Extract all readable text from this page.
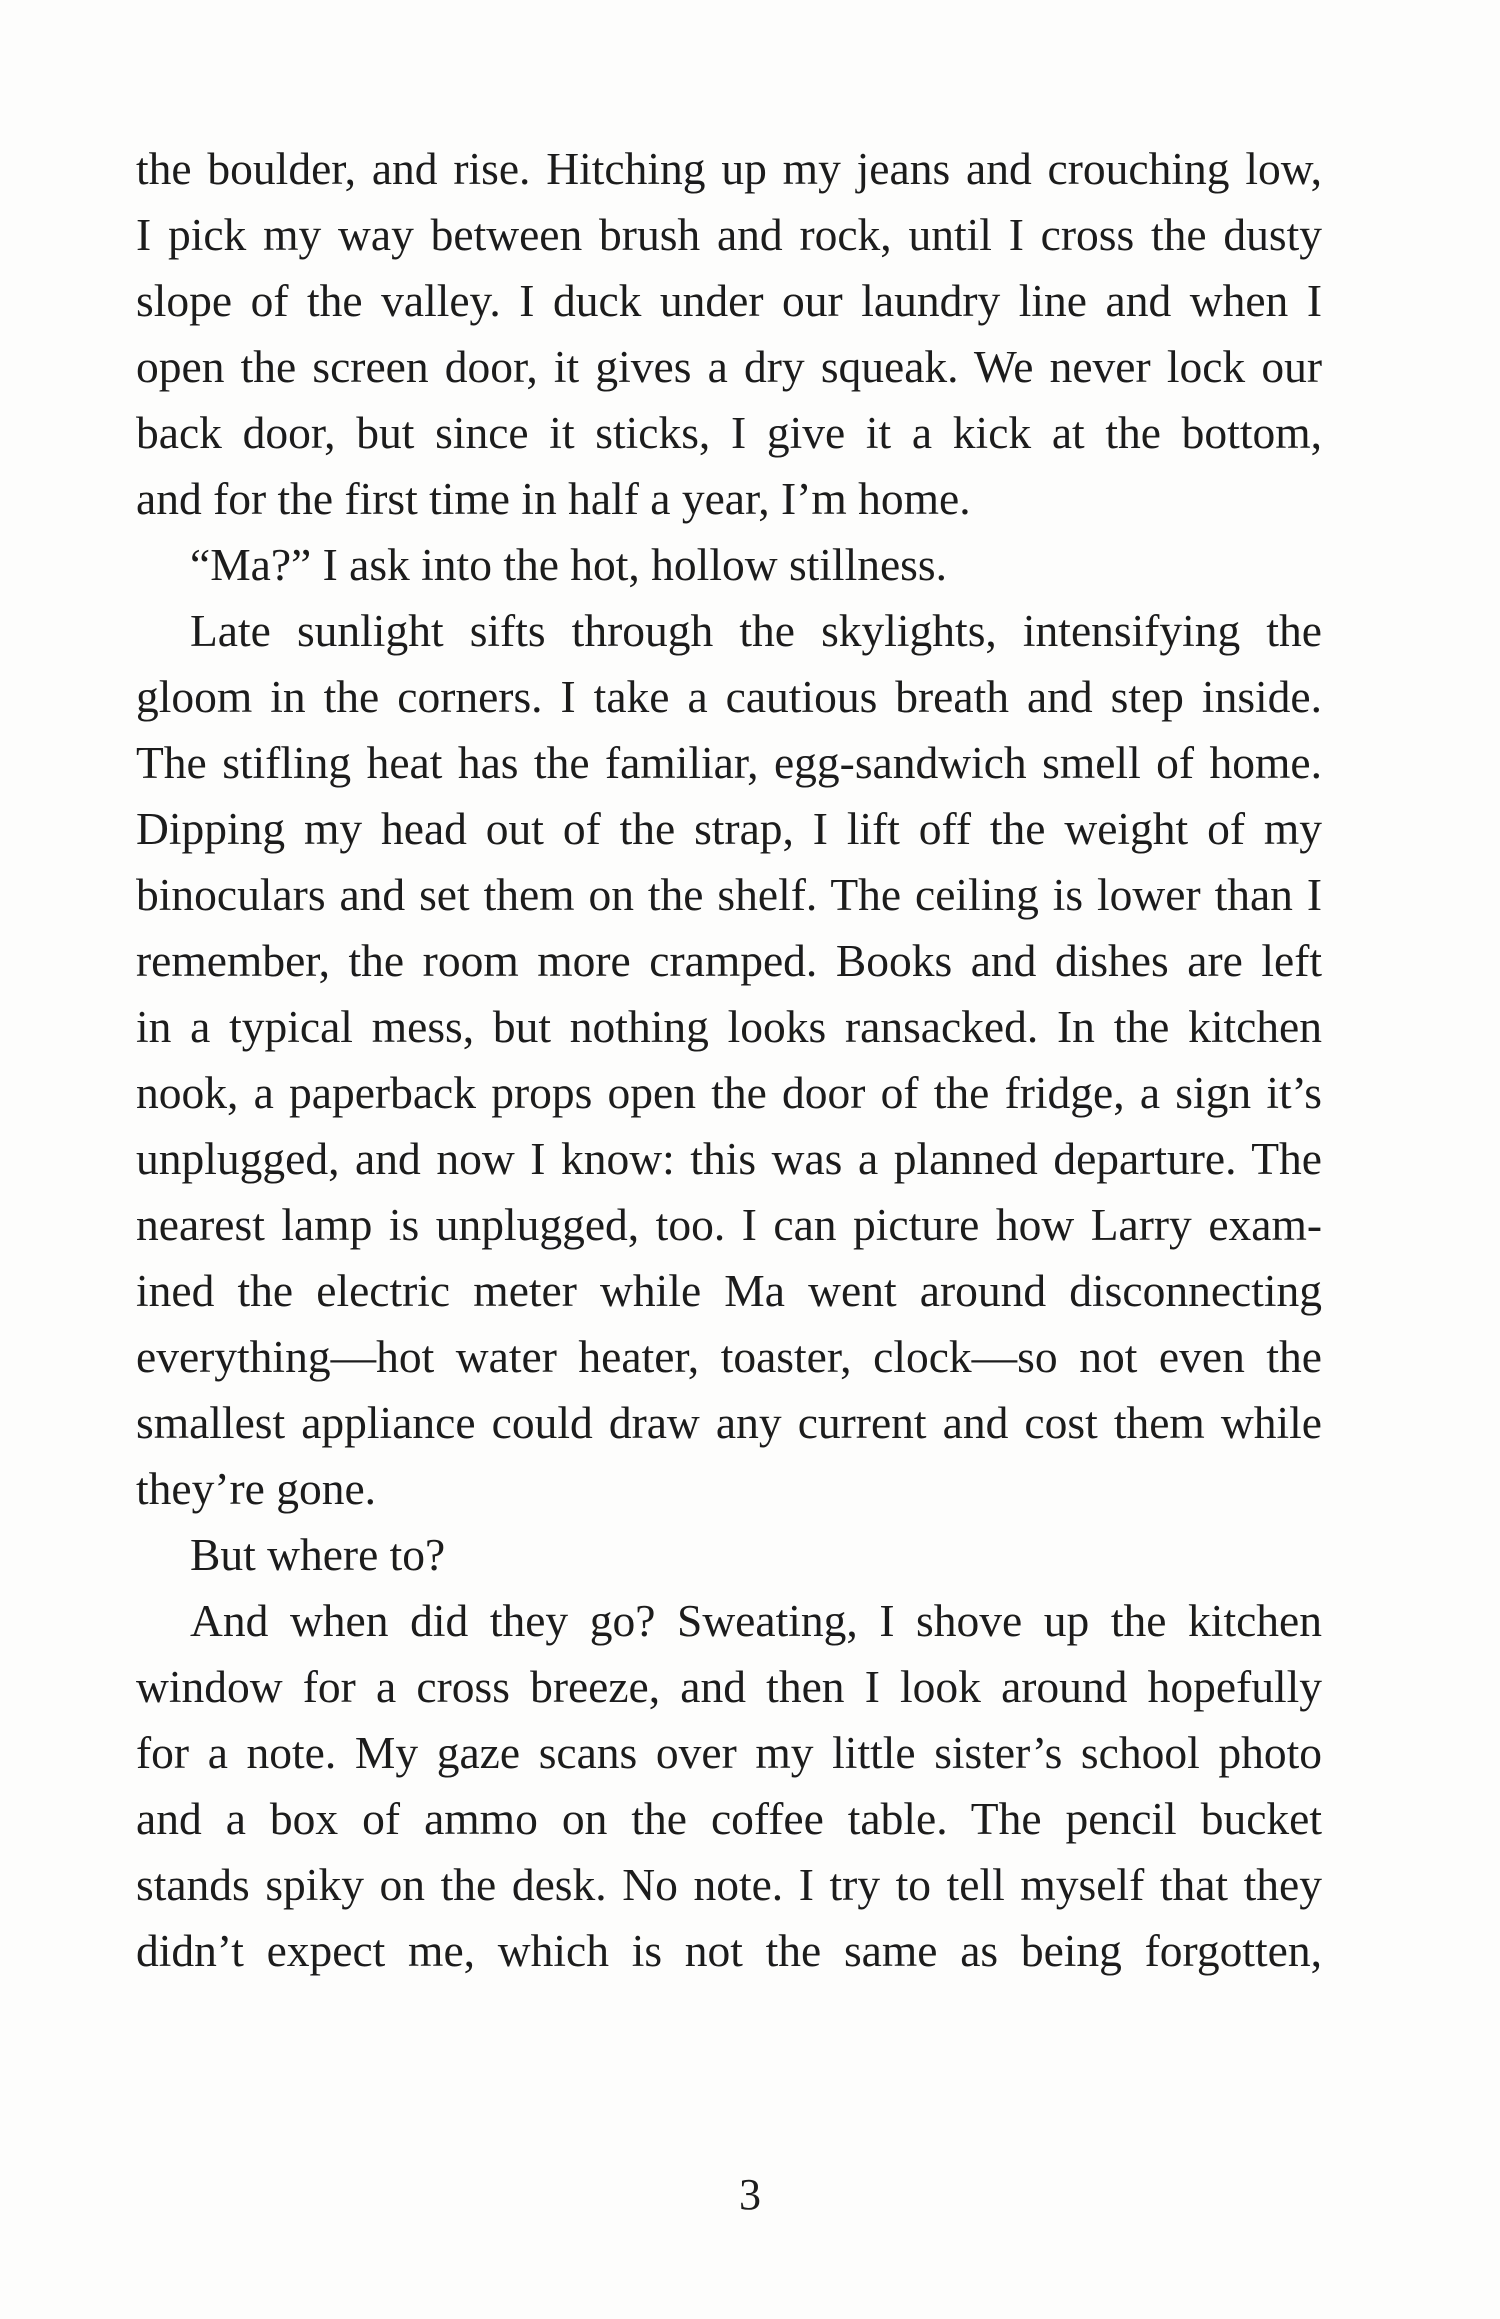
the boulder, and rise. Hitching up my jeans and crouching low,
I pick my way between brush and rock, until I cross the dusty
slope of the valley. I duck under our laundry line and when I
open the screen door, it gives a dry squeak. We never lock our
back door, but since it sticks, I give it a kick at the bottom,
and for the first time in half a year, I’m home.
“Ma?” I ask into the hot, hollow stillness.
Late sunlight sifts through the skylights, intensifying the
gloom in the corners. I take a cautious breath and step inside.
The stifling heat has the familiar, egg-sandwich smell of home.
Dipping my head out of the strap, I lift off the weight of my
binoculars and set them on the shelf. The ceiling is lower than I
remember, the room more cramped. Books and dishes are left
in a typical mess, but nothing looks ransacked. In the kitchen
nook, a paperback props open the door of the fridge, a sign it’s
unplugged, and now I know: this was a planned departure. The
nearest lamp is unplugged, too. I can picture how Larry exam-
ined the electric meter while Ma went around disconnecting
everything—hot water heater, toaster, clock—so not even the
smallest appliance could draw any current and cost them while
they’re gone.
But where to?
And when did they go? Sweating, I shove up the kitchen
window for a cross breeze, and then I look around hopefully
for a note. My gaze scans over my little sister’s school photo
and a box of ammo on the coffee table. The pencil bucket
stands spiky on the desk. No note. I try to tell myself that they
didn’t expect me, which is not the same as being forgotten,
3
